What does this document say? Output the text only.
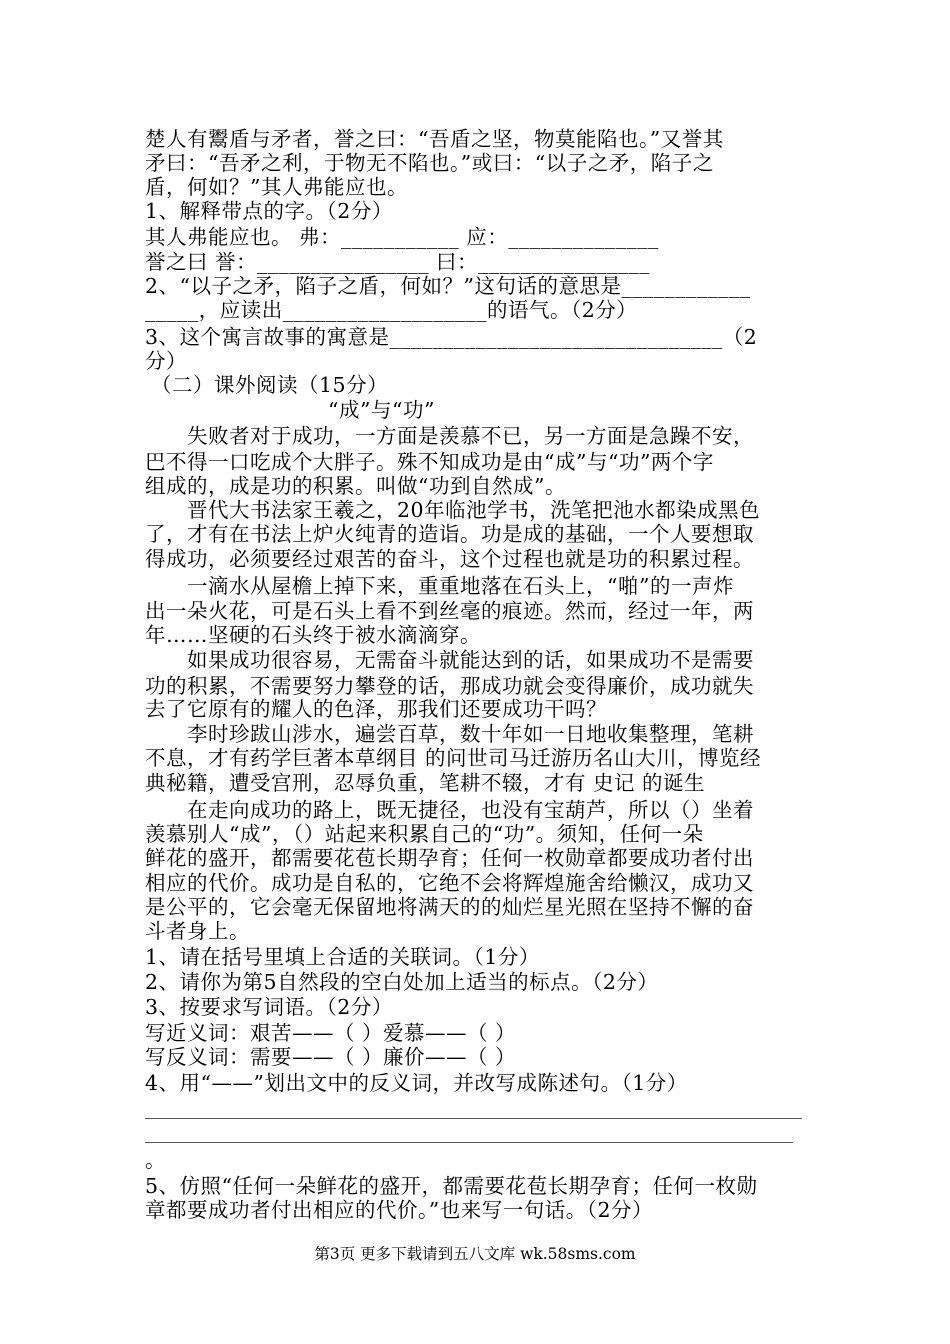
楚人有鬻盾与矛者，誉之曰：“吾盾之坚，物莫能陷也。”又誉其
矛曰：“吾矛之利，于物无不陷也。”或曰：“以子之矛，陷子之
盾，何如？”其人弗能应也。
1、解释带点的字。（2分）
其人弗能应也。 弗：___________ 应：______________
誉之曰 誉：________________ 曰：________________
2、“以子之矛，陷子之盾，何如？”这句话的意思是____________
_____，应读出___________________的语气。（2分）
3、这个寓言故事的寓意是_______________________________（2
分）
（二）课外阅读（15分）
“成”与“功”
失败者对于成功，一方面是羡慕不已，另一方面是急躁不安，
巴不得一口吃成个大胖子。殊不知成功是由“成”与“功”两个字
组成的，成是功的积累。叫做“功到自然成”。
晋代大书法家王羲之，20年临池学书，洗笔把池水都染成黑色
了，才有在书法上炉火纯青的造诣。功是成的基础，一个人要想取
得成功，必须要经过艰苦的奋斗，这个过程也就是功的积累过程。
一滴水从屋檐上掉下来，重重地落在石头上，“啪”的一声炸
出一朵火花，可是石头上看不到丝毫的痕迹。然而，经过一年，两
年……坚硬的石头终于被水滴滴穿。
如果成功很容易，无需奋斗就能达到的话，如果成功不是需要
功的积累，不需要努力攀登的话，那成功就会变得廉价，成功就失
去了它原有的耀人的色泽，那我们还要成功干吗？
李时珍跋山涉水，遍尝百草，数十年如一日地收集整理，笔耕
不息，才有药学巨著本草纲目 的问世司马迁游历名山大川，博览经
典秘籍，遭受宫刑，忍辱负重，笔耕不辍，才有 史记 的诞生
在走向成功的路上，既无捷径，也没有宝葫芦，所以（）坐着
羡慕别人“成”，（）站起来积累自己的“功”。须知，任何一朵
鲜花的盛开，都需要花苞长期孕育；任何一枚勋章都要成功者付出
相应的代价。成功是自私的，它绝不会将辉煌施舍给懒汉，成功又
是公平的，它会毫无保留地将满天的的灿烂星光照在坚持不懈的奋
斗者身上。
1、请在括号里填上合适的关联词。（1分）
2、请你为第5自然段的空白处加上适当的标点。（2分）
3、按要求写词语。（2分）
写近义词：艰苦——（ ）爱慕——（ ）
写反义词：需要——（ ）廉价——（ ）
4、用“——”划出文中的反义词，并改写成陈述句。（1分）
。
5、仿照“任何一朵鲜花的盛开，都需要花苞长期孕育；任何一枚勋
章都要成功者付出相应的代价。”也来写一句话。（2分）
第3页 更多下载请到五八文库 wk.58sms.com
